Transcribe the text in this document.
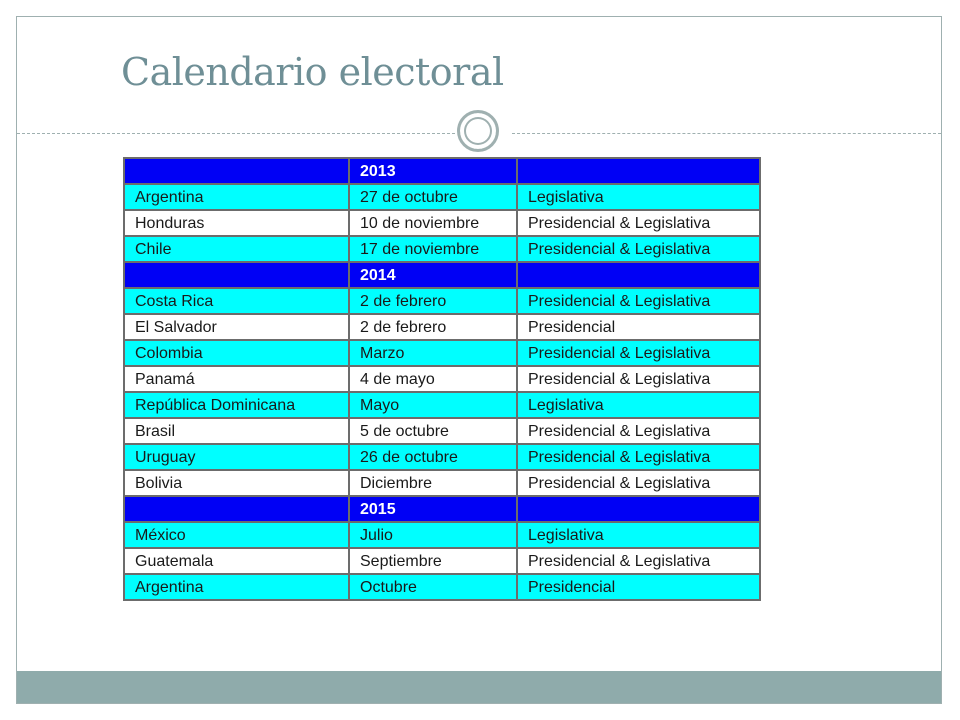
Calendario electoral
	2013	
Argentina	27 de octubre	Legislativa
Honduras	10 de noviembre	Presidencial & Legislativa
Chile	17 de noviembre	Presidencial & Legislativa
	2014	
Costa Rica	2 de febrero	Presidencial & Legislativa
El Salvador	2 de febrero	Presidencial
Colombia	Marzo	Presidencial & Legislativa
Panamá	4 de mayo	Presidencial & Legislativa
República Dominicana	Mayo	Legislativa
Brasil	5 de octubre	Presidencial & Legislativa
Uruguay	26 de octubre	Presidencial & Legislativa
Bolivia	Diciembre	Presidencial & Legislativa
	2015	
México	Julio	Legislativa
Guatemala	Septiembre	Presidencial & Legislativa
Argentina	Octubre	Presidencial
